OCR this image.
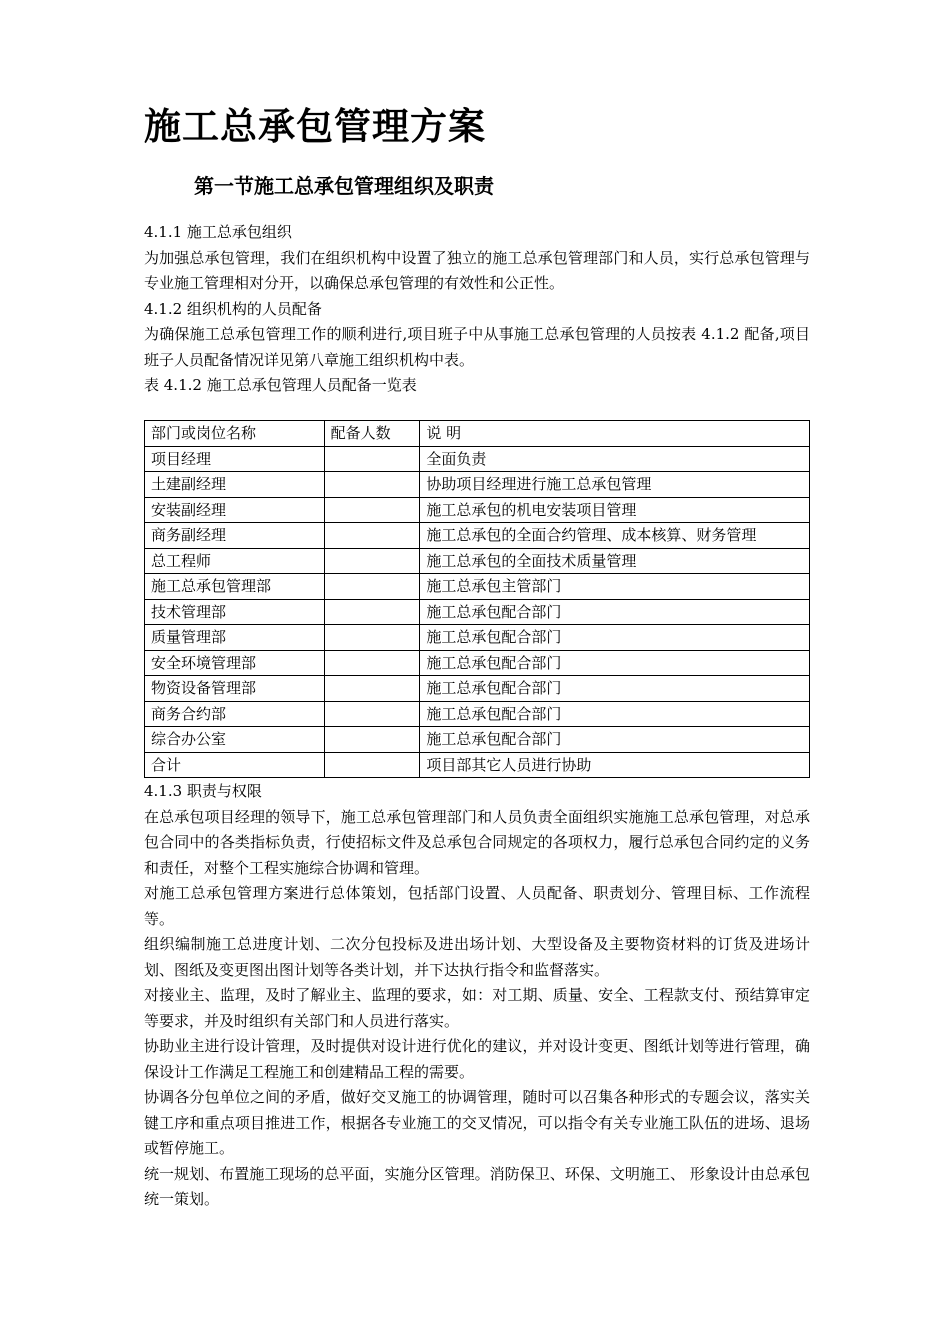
施工总承包管理方案
第一节施工总承包管理组织及职责

4.1.1 施工总承包组织

为加强总承包管理，我们在组织机构中设置了独立的施工总承包管理部门和人员，实行总承包管理与专业施工管理相对分开，以确保总承包管理的有效性和公正性。

4.1.2 组织机构的人员配备

为确保施工总承包管理工作的顺利进行,项目班子中从事施工总承包管理的人员按表 4.1.2 配备,项目班子人员配备情况详见第八章施工组织机构中表。

表 4.1.2 施工总承包管理人员配备一览表

部门或岗位名称	配备人数	说 明
项目经理		全面负责
土建副经理		协助项目经理进行施工总承包管理
安装副经理		施工总承包的机电安装项目管理
商务副经理		施工总承包的全面合约管理、成本核算、财务管理
总工程师		施工总承包的全面技术质量管理
施工总承包管理部		施工总承包主管部门
技术管理部		施工总承包配合部门
质量管理部		施工总承包配合部门
安全环境管理部		施工总承包配合部门
物资设备管理部		施工总承包配合部门
商务合约部		施工总承包配合部门
综合办公室		施工总承包配合部门
合计		项目部其它人员进行协助

4.1.3 职责与权限

在总承包项目经理的领导下，施工总承包管理部门和人员负责全面组织实施施工总承包管理，对总承包合同中的各类指标负责，行使招标文件及总承包合同规定的各项权力，履行总承包合同约定的义务和责任，对整个工程实施综合协调和管理。

对施工总承包管理方案进行总体策划，包括部门设置、人员配备、职责划分、管理目标、工作流程等。

组织编制施工总进度计划、二次分包投标及进出场计划、大型设备及主要物资材料的订货及进场计划、图纸及变更图出图计划等各类计划，并下达执行指令和监督落实。

对接业主、监理，及时了解业主、监理的要求，如：对工期、质量、安全、工程款支付、预结算审定等要求，并及时组织有关部门和人员进行落实。

协助业主进行设计管理，及时提供对设计进行优化的建议，并对设计变更、图纸计划等进行管理，确保设计工作满足工程施工和创建精品工程的需要。

协调各分包单位之间的矛盾，做好交叉施工的协调管理，随时可以召集各种形式的专题会议，落实关键工序和重点项目推进工作，根据各专业施工的交叉情况，可以指令有关专业施工队伍的进场、退场或暂停施工。

统一规划、布置施工现场的总平面，实施分区管理。消防保卫、环保、文明施工、 形象设计由总承包统一策划。
